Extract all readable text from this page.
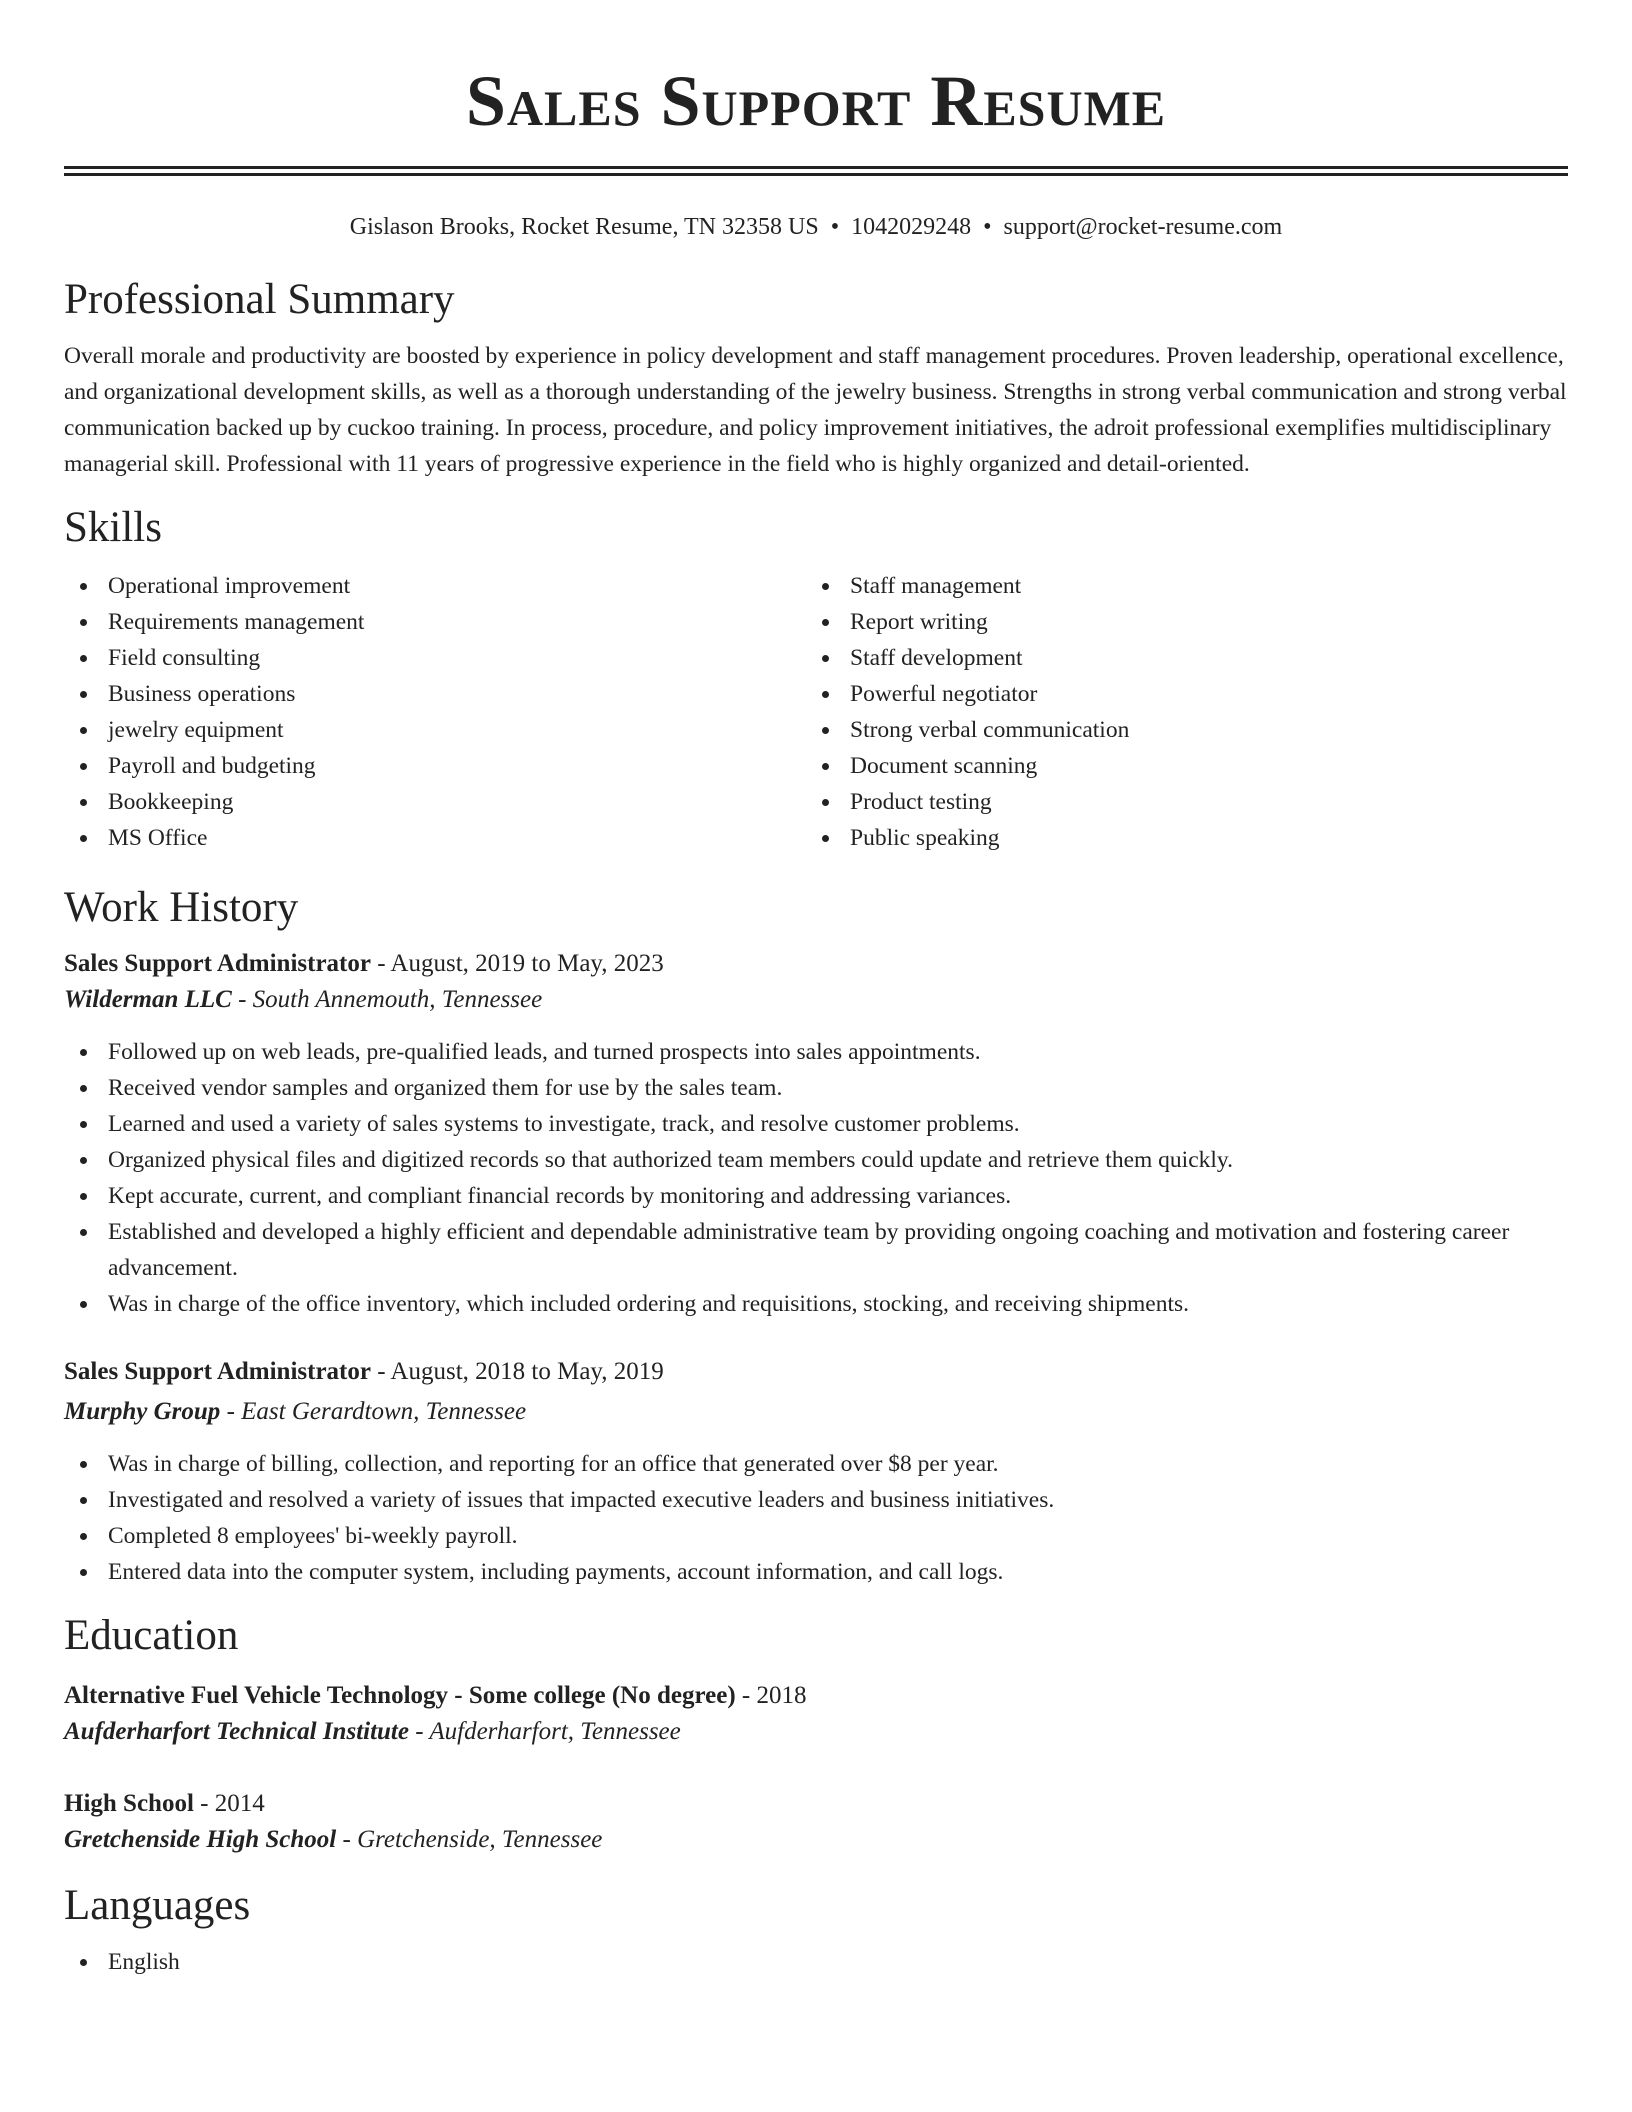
Sales Support Resume
Gislason Brooks, Rocket Resume, TN 32358 US • 1042029248 • support@rocket-resume.com
Professional Summary

Overall morale and productivity are boosted by experience in policy development and staff management procedures. Proven leadership, operational excellence, and organizational development skills, as well as a thorough understanding of the jewelry business. Strengths in strong verbal communication and strong verbal communication backed up by cuckoo training. In process, procedure, and policy improvement initiatives, the adroit professional exemplifies multidisciplinary managerial skill. Professional with 11 years of progressive experience in the field who is highly organized and detail-oriented.

Skills
Operational improvement
Requirements management
Field consulting
Business operations
jewelry equipment
Payroll and budgeting
Bookkeeping
MS Office
Staff management
Report writing
Staff development
Powerful negotiator
Strong verbal communication
Document scanning
Product testing
Public speaking
Work History
Sales Support Administrator - August, 2019 to May, 2023
Wilderman LLC - South Annemouth, Tennessee
Followed up on web leads, pre-qualified leads, and turned prospects into sales appointments.
Received vendor samples and organized them for use by the sales team.
Learned and used a variety of sales systems to investigate, track, and resolve customer problems.
Organized physical files and digitized records so that authorized team members could update and retrieve them quickly.
Kept accurate, current, and compliant financial records by monitoring and addressing variances.
Established and developed a highly efficient and dependable administrative team by providing ongoing coaching and motivation and fostering career advancement.
Was in charge of the office inventory, which included ordering and requisitions, stocking, and receiving shipments.
Sales Support Administrator - August, 2018 to May, 2019
Murphy Group - East Gerardtown, Tennessee
Was in charge of billing, collection, and reporting for an office that generated over $8 per year.
Investigated and resolved a variety of issues that impacted executive leaders and business initiatives.
Completed 8 employees' bi-weekly payroll.
Entered data into the computer system, including payments, account information, and call logs.
Education
Alternative Fuel Vehicle Technology - Some college (No degree) - 2018
Aufderharfort Technical Institute - Aufderharfort, Tennessee
High School - 2014
Gretchenside High School - Gretchenside, Tennessee
Languages
English
